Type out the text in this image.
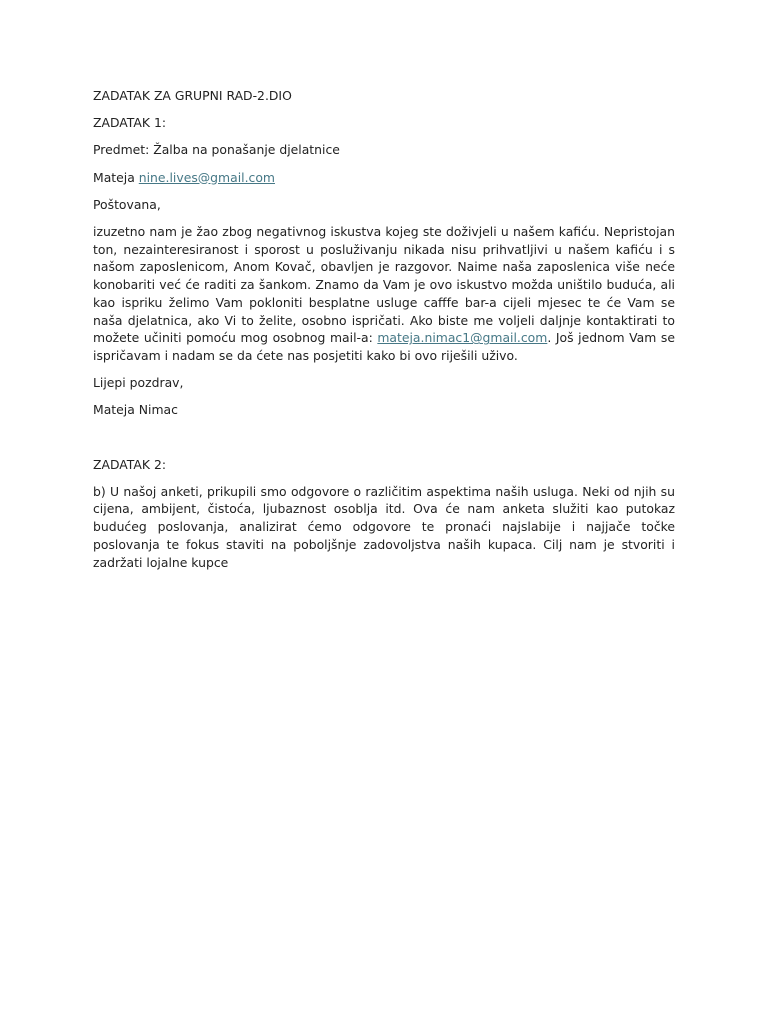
ZADATAK ZA GRUPNI RAD-2.DIO

ZADATAK 1:

Predmet: Žalba na ponašanje djelatnice

Mateja nine.lives@gmail.com

Poštovana,

izuzetno nam je žao zbog negativnog iskustva kojeg ste doživjeli u našem kafiću. Nepristojan ton, nezainteresiranost i sporost u posluživanju nikada nisu prihvatljivi u našem kafiću i s našom zaposlenicom, Anom Kovač, obavljen je razgovor. Naime naša zaposlenica više neće konobariti već će raditi za šankom. Znamo da Vam je ovo iskustvo možda uništilo buduća, ali kao ispriku želimo Vam pokloniti besplatne usluge cafffe bar-a cijeli mjesec te će Vam se naša djelatnica, ako Vi to želite, osobno ispričati. Ako biste me voljeli daljnje kontaktirati to možete učiniti pomoću mog osobnog mail-a: mateja.nimac1@gmail.com. Još jednom Vam se ispričavam i nadam se da ćete nas posjetiti kako bi ovo riješili uživo.

Lijepi pozdrav,

Mateja Nimac

ZADATAK 2:

b) U našoj anketi, prikupili smo odgovore o različitim aspektima naših usluga. Neki od njih su cijena, ambijent, čistoća, ljubaznost osoblja itd. Ova će nam anketa služiti kao putokaz budućeg poslovanja, analizirat ćemo odgovore te pronaći najslabije i najjače točke poslovanja te fokus staviti na poboljšnje zadovoljstva naših kupaca. Cilj nam je stvoriti i zadržati lojalne kupce
